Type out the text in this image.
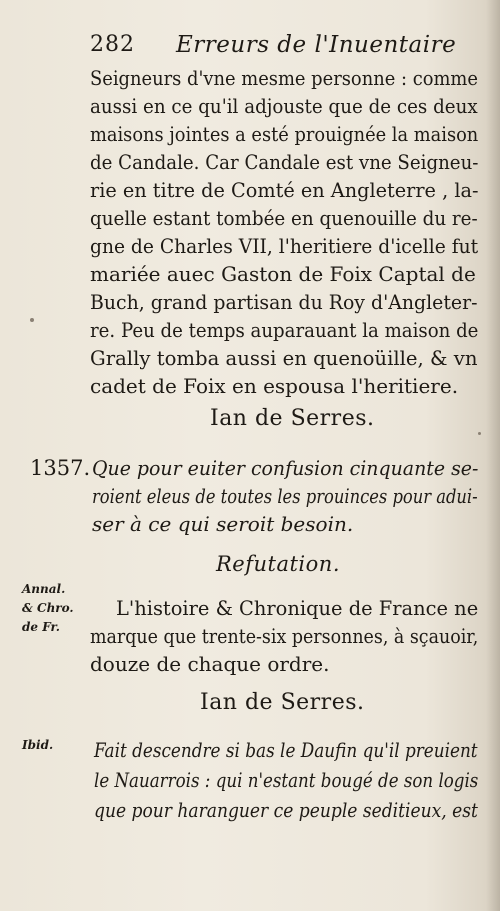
282 Erreurs de l'Inuentaire
Seigneurs d'vne mesme personne : comme
aussi en ce qu'il adjouste que de ces deux
maisons jointes a esté prouignée la maison
de Candale. Car Candale est vne Seigneu-
rie en titre de Comté en Angleterre , la-
quelle estant tombée en quenouille du re-
gne de Charles VII, l'heritiere d'icelle fut
mariée auec Gaston de Foix Captal de
Buch, grand partisan du Roy d'Angleter-
re. Peu de temps auparauant la maison de
Grally tomba aussi en quenoüille, & vn
cadet de Foix en espousa l'heritiere.
Ian de Serres.
1357. Que pour euiter confusion cinquante se-
roient eleus de toutes les prouinces pour adui-
ser à ce qui seroit besoin.
Refutation.
Annal.
& Chro.
de Fr.
L'histoire & Chronique de France ne
marque que trente-six personnes, à sçauoir,
douze de chaque ordre.
Ian de Serres.
Ibid. Fait descendre si bas le Daufin qu'il preuient
le Nauarrois : qui n'estant bougé de son logis
que pour haranguer ce peuple seditieux, est
